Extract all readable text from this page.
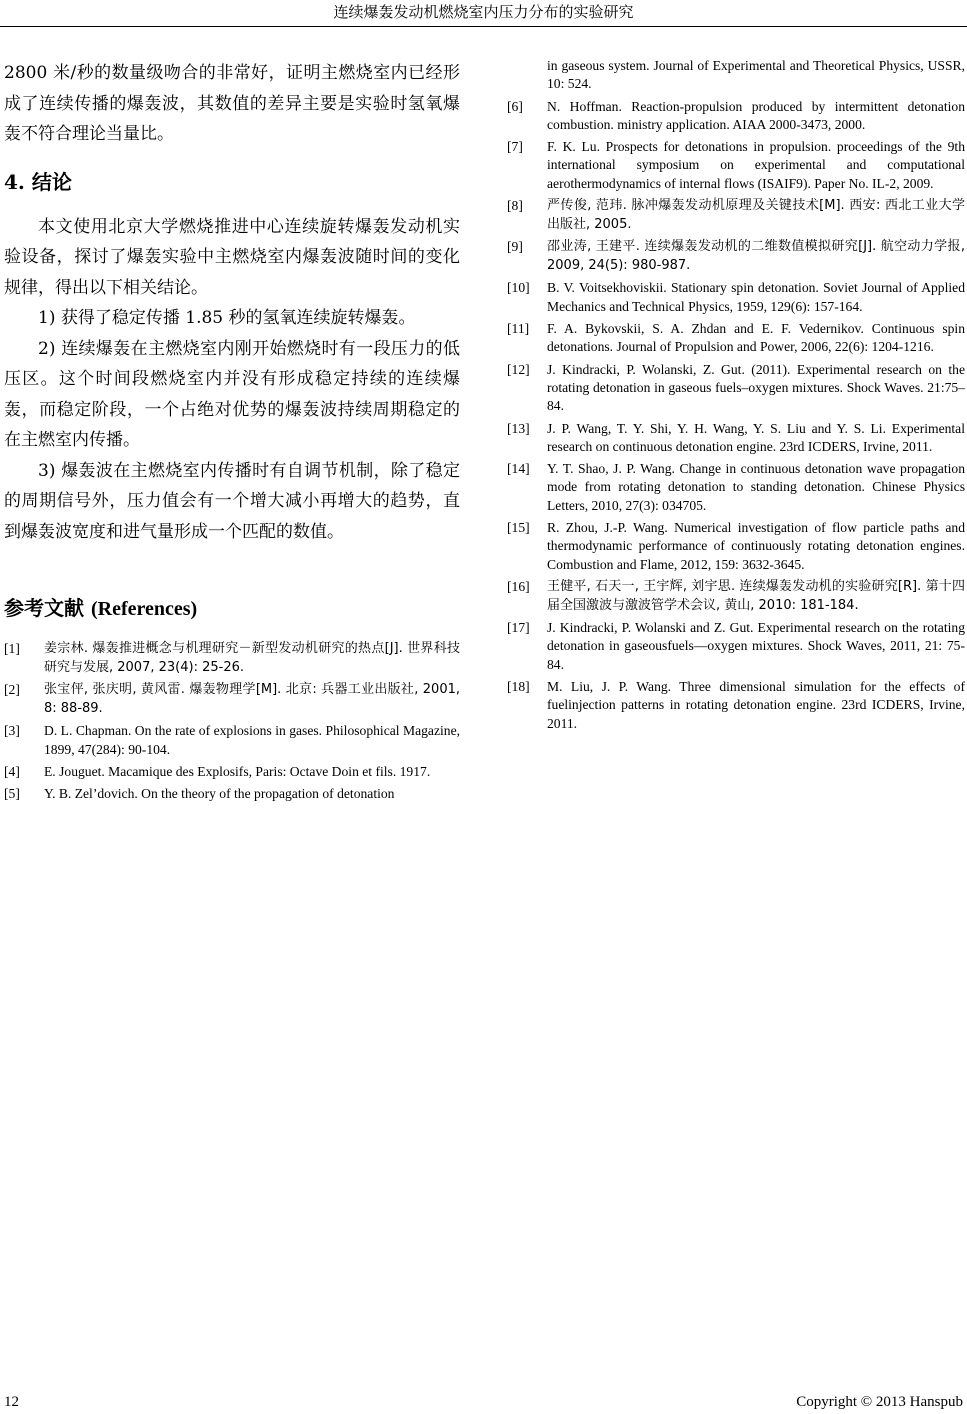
连续爆轰发动机燃烧室内压力分布的实验研究

2800 米/秒的数量级吻合的非常好，证明主燃烧室内已经形成了连续传播的爆轰波，其数值的差异主要是实验时氢氧爆轰不符合理论当量比。

4. 结论

本文使用北京大学燃烧推进中心连续旋转爆轰发动机实验设备，探讨了爆轰实验中主燃烧室内爆轰波随时间的变化规律，得出以下相关结论。

1) 获得了稳定传播 1.85 秒的氢氧连续旋转爆轰。

2) 连续爆轰在主燃烧室内刚开始燃烧时有一段压力的低压区。这个时间段燃烧室内并没有形成稳定持续的连续爆轰，而稳定阶段，一个占绝对优势的爆轰波持续周期稳定的在主燃室内传播。

3) 爆轰波在主燃烧室内传播时有自调节机制，除了稳定的周期信号外，压力值会有一个增大减小再增大的趋势，直到爆轰波宽度和进气量形成一个匹配的数值。

参考文献 (References)
[1]	姜宗林. 爆轰推进概念与机理研究－新型发动机研究的热点[J]. 世界科技研究与发展, 2007, 23(4): 25-26.
[2]	张宝伻, 张庆明, 黄风雷. 爆轰物理学[M]. 北京: 兵器工业出版社, 2001, 8: 88-89.
[3]	D. L. Chapman. On the rate of explosions in gases. Philosophical Magazine, 1899, 47(284): 90-104.
[4]	E. Jouguet. Macamique des Explosifs, Paris: Octave Doin et fils. 1917.
[5]	Y. B. Zel’dovich. On the theory of the propagation of detonation
in gaseous system. Journal of Experimental and Theoretical Physics, USSR, 10: 524.
[6]	N. Hoffman. Reaction-propulsion produced by intermittent detonation combustion. ministry application. AIAA 2000-3473, 2000.
[7]	F. K. Lu. Prospects for detonations in propulsion. proceedings of the 9th international symposium on experimental and computational aerothermodynamics of internal flows (ISAIF9). Paper No. IL-2, 2009.
[8]	严传俊, 范玮. 脉冲爆轰发动机原理及关键技术[M]. 西安: 西北工业大学出版社, 2005.
[9]	邵业涛, 王建平. 连续爆轰发动机的二维数值模拟研究[J]. 航空动力学报, 2009, 24(5): 980-987.
[10]	B. V. Voitsekhoviskii. Stationary spin detonation. Soviet Journal of Applied Mechanics and Technical Physics, 1959, 129(6): 157-164.
[11]	F. A. Bykovskii, S. A. Zhdan and E. F. Vedernikov. Continuous spin detonations. Journal of Propulsion and Power, 2006, 22(6): 1204-1216.
[12]	J. Kindracki, P. Wolanski, Z. Gut. (2011). Experimental research on the rotating detonation in gaseous fuels–oxygen mixtures. Shock Waves. 21:75–84.
[13]	J. P. Wang, T. Y. Shi, Y. H. Wang, Y. S. Liu and Y. S. Li. Experimental research on continuous detonation engine. 23rd ICDERS, Irvine, 2011.
[14]	Y. T. Shao, J. P. Wang. Change in continuous detonation wave propagation mode from rotating detonation to standing detonation. Chinese Physics Letters, 2010, 27(3): 034705.
[15]	R. Zhou, J.-P. Wang. Numerical investigation of flow particle paths and thermodynamic performance of continuously rotating detonation engines. Combustion and Flame, 2012, 159: 3632-3645.
[16]	王健平, 石天一, 王宇辉, 刘宇思. 连续爆轰发动机的实验研究[R]. 第十四届全国激波与激波管学术会议, 黄山, 2010: 181-184.
[17]	J. Kindracki, P. Wolanski and Z. Gut. Experimental research on the rotating detonation in gaseousfuels—oxygen mixtures. Shock Waves, 2011, 21: 75-84.
[18]	M. Liu, J. P. Wang. Three dimensional simulation for the effects of fuelinjection patterns in rotating detonation engine. 23rd ICDERS, Irvine, 2011.
12	Copyright © 2013 Hanspub
